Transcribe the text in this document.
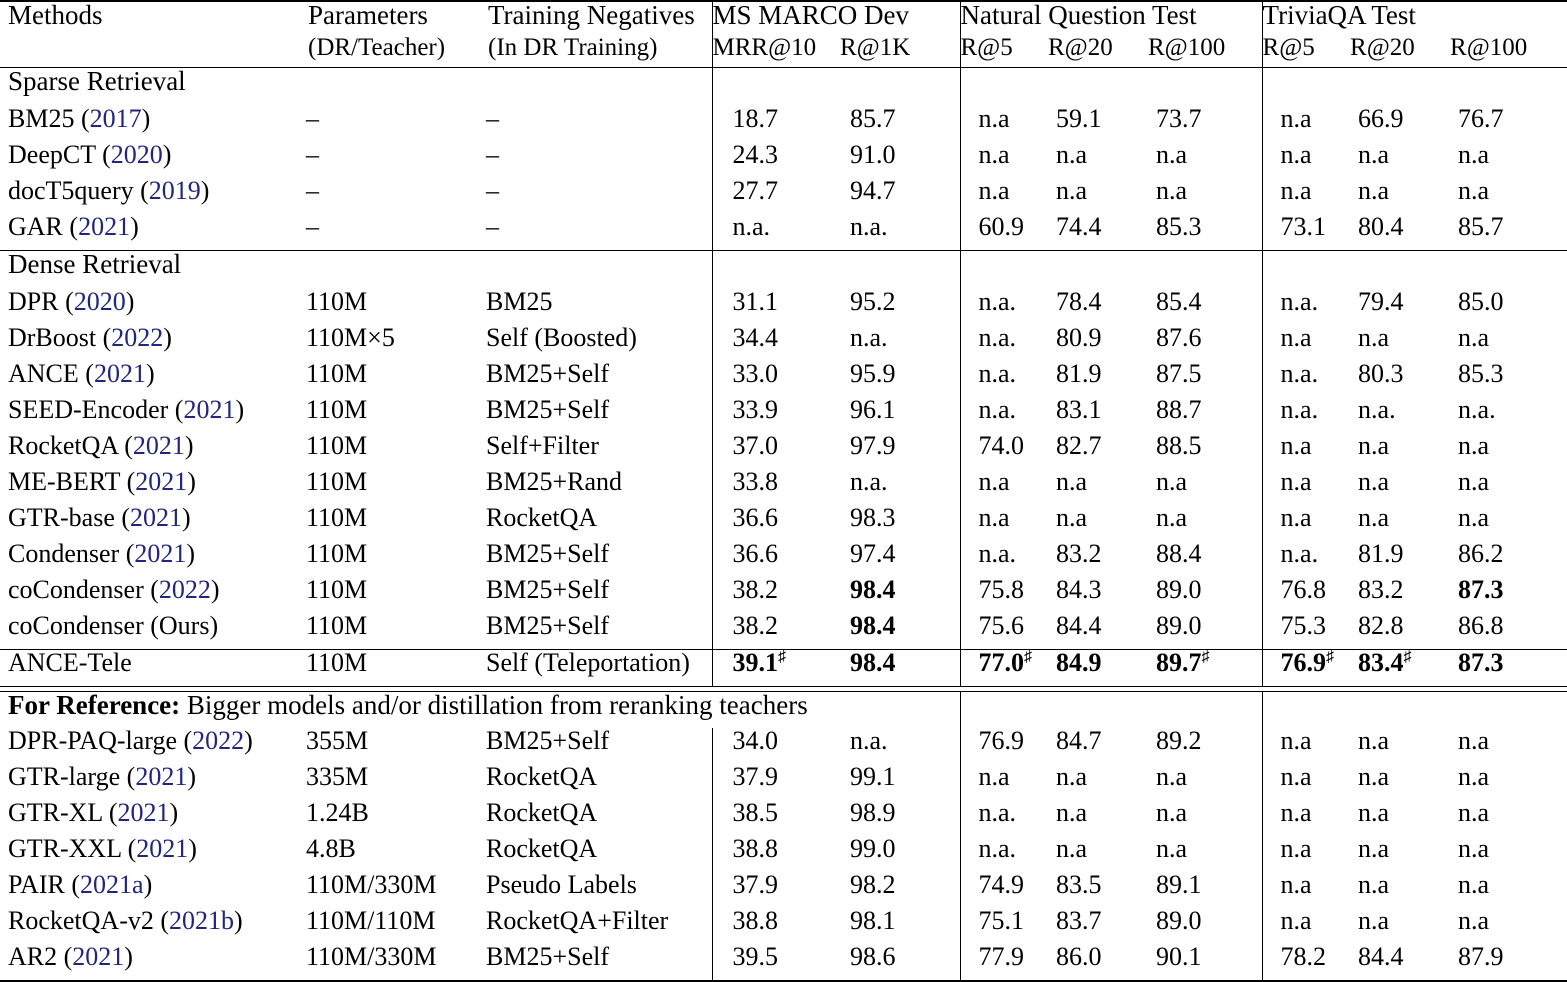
Methods	Parameters	Training Negatives	MS MARCO Dev		Natural Question Test			TriviaQA Test		
	(DR/Teacher)	(In DR Training)	MRR@10	R@1K	R@5	R@20	R@100	R@5	R@20	R@100
Sparse Retrieval										
BM25 (2017)	–	–	18.7	85.7	n.a	59.1	73.7	n.a	66.9	76.7
DeepCT (2020)	–	–	24.3	91.0	n.a	n.a	n.a	n.a	n.a	n.a
docT5query (2019)	–	–	27.7	94.7	n.a	n.a	n.a	n.a	n.a	n.a
GAR (2021)	–	–	n.a.	n.a.	60.9	74.4	85.3	73.1	80.4	85.7
Dense Retrieval										
DPR (2020)	110M	BM25	31.1	95.2	n.a.	78.4	85.4	n.a.	79.4	85.0
DrBoost (2022)	110M×5	Self (Boosted)	34.4	n.a.	n.a.	80.9	87.6	n.a	n.a	n.a
ANCE (2021)	110M	BM25+Self	33.0	95.9	n.a.	81.9	87.5	n.a.	80.3	85.3
SEED-Encoder (2021)	110M	BM25+Self	33.9	96.1	n.a.	83.1	88.7	n.a.	n.a.	n.a.
RocketQA (2021)	110M	Self+Filter	37.0	97.9	74.0	82.7	88.5	n.a	n.a	n.a
ME-BERT (2021)	110M	BM25+Rand	33.8	n.a.	n.a	n.a	n.a	n.a	n.a	n.a
GTR-base (2021)	110M	RocketQA	36.6	98.3	n.a	n.a	n.a	n.a	n.a	n.a
Condenser (2021)	110M	BM25+Self	36.6	97.4	n.a.	83.2	88.4	n.a.	81.9	86.2
coCondenser (2022)	110M	BM25+Self	38.2	98.4	75.8	84.3	89.0	76.8	83.2	87.3
coCondenser (Ours)	110M	BM25+Self	38.2	98.4	75.6	84.4	89.0	75.3	82.8	86.8
ANCE-Tele	110M	Self (Teleportation)	39.1♯	98.4	77.0♯	84.9	89.7♯	76.9♯	83.4♯	87.3

For Reference: Bigger models and/or distillation from reranking teachers										
DPR-PAQ-large (2022)	355M	BM25+Self	34.0	n.a.	76.9	84.7	89.2	n.a	n.a	n.a
GTR-large (2021)	335M	RocketQA	37.9	99.1	n.a	n.a	n.a	n.a	n.a	n.a
GTR-XL (2021)	1.24B	RocketQA	38.5	98.9	n.a.	n.a	n.a	n.a	n.a	n.a
GTR-XXL (2021)	4.8B	RocketQA	38.8	99.0	n.a.	n.a	n.a	n.a	n.a	n.a
PAIR (2021a)	110M/330M	Pseudo Labels	37.9	98.2	74.9	83.5	89.1	n.a	n.a	n.a
RocketQA-v2 (2021b)	110M/110M	RocketQA+Filter	38.8	98.1	75.1	83.7	89.0	n.a	n.a	n.a
AR2 (2021)	110M/330M	BM25+Self	39.5	98.6	77.9	86.0	90.1	78.2	84.4	87.9
